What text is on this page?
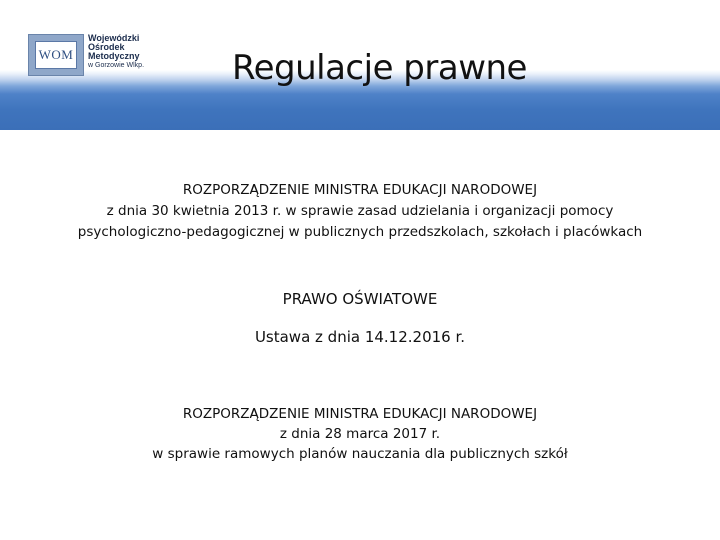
WOM
Wojewódzki
Ośrodek
Metodyczny
w Gorzowie Wlkp.	Regulacje prawne
ROZPORZĄDZENIE MINISTRA EDUKACJI NARODOWEJ
z dnia 30 kwietnia 2013 r. w sprawie zasad udzielania i organizacji pomocy
psychologiczno-pedagogicznej w publicznych przedszkolach, szkołach i placówkach
PRAWO OŚWIATOWE
Ustawa z dnia 14.12.2016 r.
ROZPORZĄDZENIE MINISTRA EDUKACJI NARODOWEJ
z dnia 28 marca 2017 r.
w sprawie ramowych planów nauczania dla publicznych szkół
